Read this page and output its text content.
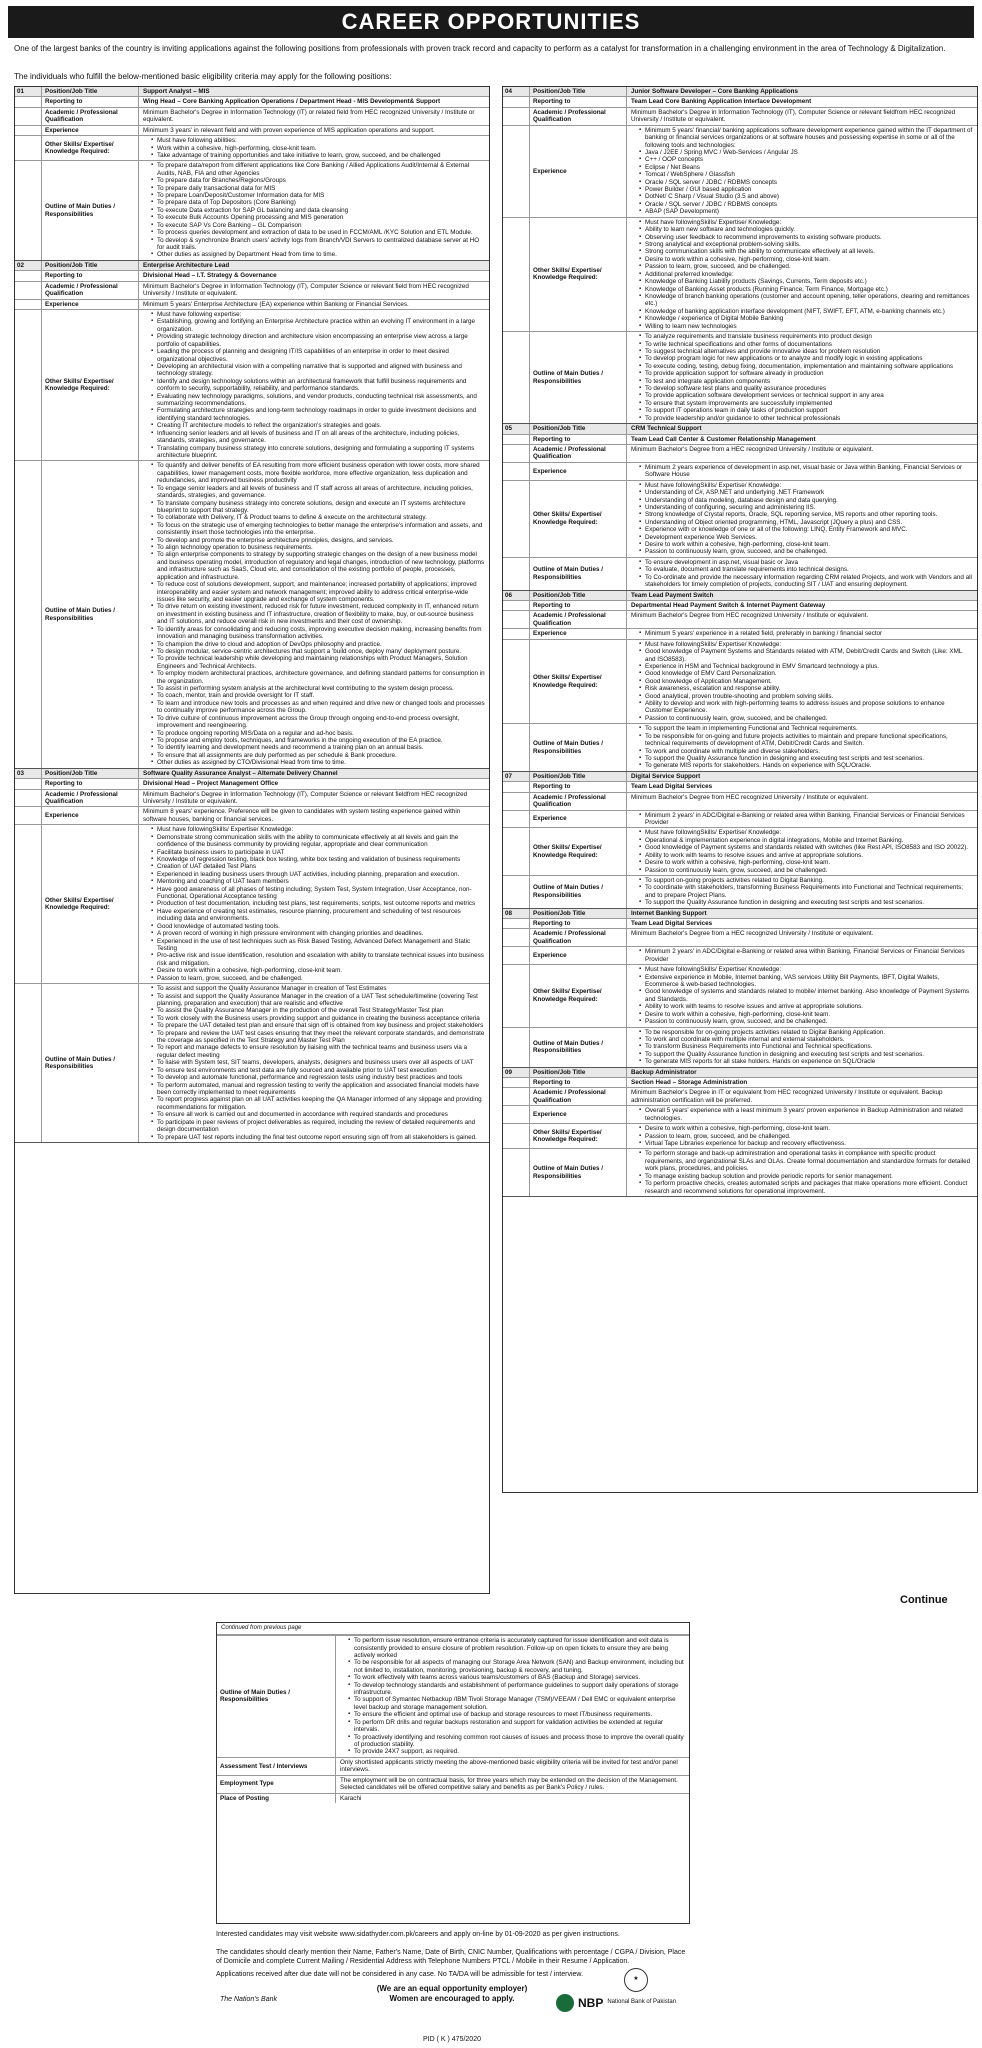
CAREER OPPORTUNITIES
One of the largest banks of the country is inviting applications against the following positions from professionals with proven track record and capacity to perform as a catalyst for transformation in a challenging environment in the area of Technology & Digitalization.
The individuals who fulfill the below-mentioned basic eligibility criteria may apply for the following positions:
01	Position/Job Title	Support Analyst – MIS
Reporting to	Wing Head – Core Banking Application Operations / Department Head - MIS Development& Support
Academic / Professional Qualification
Minimum Bachelor's Degree in Information Technology (IT) or related field from HEC recognized University / Institute or equivalent.
Experience	Minimum 3 years' in relevant field and with proven experience of MIS application operations and support.
Other Skills/ Expertise/ Knowledge Required:
▪ Must have following abilities:
▪ Work within a cohesive, high-performing, close-knit team.
▪ Take advantage of training opportunities and take initiative to learn, grow, succeed, and be challenged
Outline of Main Duties / Responsibilities
▪ To prepare data/report from different applications like Core Banking / Allied Applications Audit/Internal & External Audits, NAB, FIA and other Agencies
▪ To prepare data for Branches/Regions/Groups
▪ To prepare daily transactional data for MIS
▪ To prepare Loan/Deposit/Customer Information data for MIS
▪ To prepare data of Top Depositors (Core Banking)
▪ To execute Data extraction for SAP GL balancing and data cleansing
▪ To execute Bulk Accounts Opening processing and MIS generation
▪ To execute SAP Vs Core Banking – GL Comparison
▪ To process queries development and extraction of data to be used in FCCM/AML /KYC Solution and ETL Module.
▪ To develop & synchronize Branch users' activity logs from Branch/VDI Servers to centralized database server at HO for audit trails.
▪ Other duties as assigned by Department Head from time to time.
02	Position/Job Title	Enterprise Architecture Lead
Reporting to	Divisional Head – I.T. Strategy & Governance
Academic / Professional Qualification
Minimum Bachelor's Degree in Information Technology (IT), Computer Science or relevant field from HEC recognized University / Institute or equivalent.
Experience	Minimum 5 years' Enterprise Architecture (EA) experience within Banking or Financial Services.
Other Skills/ Expertise/ Knowledge Required:
▪ Must have following expertise:
▪ Establishing, growing and fortifying an Enterprise Architecture practice within an evolving IT environment in a large organization.
▪ Providing strategic technology direction and architecture vision encompassing an enterprise view across a large portfolio of capabilities.
▪ Leading the process of planning and designing IT/IS capabilities of an enterprise in order to meet desired organizational objectives.
▪ Developing an architectural vision with a compelling narrative that is supported and aligned with business and technology strategy.
▪ Identify and design technology solutions within an architectural framework that fulfill business requirements and conform to security, supportability, reliability, and performance standards.
▪ Evaluating new technology paradigms, solutions, and vendor products, conducting technical risk assessments, and summarizing recommendations.
▪ Formulating architecture strategies and long-term technology roadmaps in order to guide investment decisions and identifying standard technologies.
▪ Creating IT architecture models to reflect the organization's strategies and goals.
▪ Influencing senior leaders and all levels of business and IT on all areas of the architecture, including policies, standards, strategies, and governance.
▪ Translating company business strategy into concrete solutions, designing and formulating a supporting IT systems architecture blueprint.
Outline of Main Duties / Responsibilities
▪ To quantify and deliver benefits of EA resulting from more efficient business operation with lower costs, more shared capabilities, lower management costs, more flexible workforce, more effective organization, less duplication and redundancies, and improved business productivity
▪ To engage senior leaders and all levels of business and IT staff across all areas of architecture, including policies, standards, strategies, and governance.
▪ To translate company business strategy into concrete solutions, design and execute an IT systems architecture blueprint to support that strategy.
▪ To collaborate with Delivery, IT & Product teams to define & execute on the architectural strategy.
▪ To focus on the strategic use of emerging technologies to better manage the enterprise's information and assets, and consistently insert those technologies into the enterprise.
▪ To develop and promote the enterprise architecture principles, designs, and services.
▪ To align technology operation to business requirements.
▪ To align enterprise components to strategy by supporting strategic changes on the design of a new business model and business operating model, introduction of regulatory and legal changes, introduction of new technology, platforms and infrastructure such as SaaS, Cloud etc. and consolidation of the existing portfolio of people, processes, application and infrastructure.
▪ To reduce cost of solutions development, support, and maintenance; increased portability of applications; improved interoperability and easier system and network management; improved ability to address critical enterprise-wide issues like security, and easier upgrade and exchange of system components.
▪ To drive return on existing investment, reduced risk for future investment, reduced complexity in IT, enhanced return on investment in existing business and IT infrastructure, creation of flexibility to make, buy, or out-source business and IT solutions, and reduce overall risk in new investments and their cost of ownership.
▪ To identify areas for consolidating and reducing costs, improving executive decision making, increasing benefits from innovation and managing business transformation activities.
▪ To champion the drive to cloud and adoption of DevOps philosophy and practice.
▪ To design modular, service-centric architectures that support a 'build once, deploy many' deployment posture.
▪ To provide technical leadership while developing and maintaining relationships with Product Managers, Solution Engineers and Technical Architects.
▪ To employ modern architectural practices, architecture governance, and defining standard patterns for consumption in the organization.
▪ To assist in performing system analysis at the architectural level contributing to the system design process.
▪ To coach, mentor, train and provide oversight for IT staff.
▪ To learn and introduce new tools and processes as and when required and drive new or changed tools and processes to continually improve performance across the Group.
▪ To drive culture of continuous improvement across the Group through ongoing end-to-end process oversight, improvement and reengineering.
▪ To produce ongoing reporting MIS/Data on a regular and ad-hoc basis.
▪ To propose and employ tools, techniques, and frameworks in the ongoing execution of the EA practice.
▪ To identify learning and development needs and recommend a training plan on an annual basis.
▪ To ensure that all assignments are duly performed as per schedule & Bank procedure.
▪ Other duties as assigned by CTO/Divisional Head from time to time.
03	Position/Job Title	Software Quality Assurance Analyst – Alternate Delivery Channel
Reporting to	Divisional Head – Project Management Office
Academic / Professional Qualification
Minimum Bachelor's Degree in Information Technology (IT), Computer Science or relevant fieldfrom HEC recognized University / Institute or equivalent.
Experience
Minimum 8 years' experience. Preference will be given to candidates with system testing experience gained within software houses, banking or financial services.
Other Skills/ Expertise/ Knowledge Required:
▪ Must have followingSkills/ Expertise/ Knowledge:
▪ Demonstrate strong communication skills with the ability to communicate effectively at all levels and gain the confidence of the business community by providing regular, appropriate and clear communication
▪ Facilitate business users to participate in UAT
▪ Knowledge of regression testing, black box testing, white box testing and validation of business requirements
▪ Creation of UAT detailed Test Plans
▪ Experienced in leading business users through UAT activities, including planning, preparation and execution.
▪ Mentoring and coaching of UAT team members
▪ Have good awareness of all phases of testing including; System Test, System Integration, User Acceptance, non-Functional, Operational Acceptance testing
▪ Production of test documentation, including test plans, test requirements, scripts, test outcome reports and metrics
▪ Have experience of creating test estimates, resource planning, procurement and scheduling of test resources including data and environments.
▪ Good knowledge of automated testing tools.
▪ A proven record of working in high pressure environment with changing priorities and deadlines.
▪ Experienced in the use of test techniques such as Risk Based Testing, Advanced Defect Management and Static Testing
▪ Pro-active risk and issue identification, resolution and escalation with ability to translate technical issues into business risk and mitigation.
▪ Desire to work within a cohesive, high-performing, close-knit team.
▪ Passion to learn, grow, succeed, and be challenged.
Outline of Main Duties / Responsibilities
▪ To assist and support the Quality Assurance Manager in creation of Test Estimates
▪ To assist and support the Quality Assurance Manager in the creation of a UAT Test schedule/timeline (covering Test planning, preparation and execution) that are realistic and effective
▪ To assist the Quality Assurance Manager in the production of the overall Test Strategy/Master Test plan
▪ To work closely with the Business users providing support and guidance in creating the business acceptance criteria
▪ To prepare the UAT detailed test plan and ensure that sign off is obtained from key business and project stakeholders
▪ To prepare and review the UAT test cases ensuring that they meet the relevant corporate standards, and demonstrate the coverage as specified in the Test Strategy and Master Test Plan
▪ To report and manage defects to ensure resolution by liaising with the technical teams and business users via a regular defect meeting
▪ To liaise with System test, SIT teams, developers, analysts, designers and business users over all aspects of UAT
▪ To ensure test environments and test data are fully sourced and available prior to UAT test execution
▪ To develop and automate functional, performance and regression tests using industry best practices and tools
▪ To perform automated, manual and regression testing to verify the application and associated financial models have been correctly implemented to meet requirements
▪ To report progress against plan on all UAT activities keeping the QA Manager informed of any slippage and providing recommendations for mitigation.
▪ To ensure all work is carried out and documented in accordance with required standards and procedures
▪ To participate in peer reviews of project deliverables as required, including the review of detailed requirements and design documentation
▪ To prepare UAT test reports including the final test outcome report ensuring sign off from all stakeholders is gained.
04	Position/Job Title	Junior Software Developer – Core Banking Applications
Reporting to	Team Lead Core Banking Application Interface Development
Academic / Professional Qualification
Minimum Bachelor's Degree in Information Technology (IT), Computer Science or relevant fieldfrom HEC recognized University / Institute or equivalent.
Experience
▪ Minimum 5 years' financial/ banking applications software development experience gained within the IT department of banking or financial services organizations or at software houses and possessing expertise in some or all of the following tools and technologies:
▪ Java / J2EE / Spring MVC / Web-Services / Angular JS
▪ C++ / OOP concepts
▪ Eclipse / Net Beans
▪ Tomcat / WebSphere / Glassfish
▪ Oracle / SQL server / JDBC / RDBMS concepts
▪ Power Builder / GUI based application
▪ DotNet/ C Sharp / Visual Studio (3.5 and above)
▪ Oracle / SQL server / JDBC / RDBMS concepts
▪ ABAP (SAP Development)
Other Skills/ Expertise/ Knowledge Required:
▪ Must have followingSkills/ Expertise/ Knowledge:
▪ Ability to learn new software and technologies quickly.
▪ Observing user feedback to recommend improvements to existing software products.
▪ Strong analytical and exceptional problem-solving skills.
▪ Strong communication skills with the ability to communicate effectively at all levels.
▪ Desire to work within a cohesive, high-performing, close-knit team.
▪ Passion to learn, grow, succeed, and be challenged.
▪ Additional preferred knowledge:
▪ Knowledge of Banking Liability products (Savings, Currents, Term deposits etc.)
▪ Knowledge of Banking Asset products (Running Finance, Term Finance, Mortgage etc.)
▪ Knowledge of branch banking operations (customer and account opening, teller operations, clearing and remittances etc.)
▪ Knowledge of banking application interface development (NIFT, SWIFT, EFT, ATM, e-banking channels etc.)
▪ Knowledge / experience of Digital Mobile Banking
▪ Willing to learn new technologies
Outline of Main Duties / Responsibilities
▪ To analyze requirements and translate business requirements into product design
▪ To write technical specifications and other forms of documentations
▪ To suggest technical alternatives and provide innovative ideas for problem resolution
▪ To develop program logic for new applications or to analyze and modify logic in existing applications
▪ To execute coding, testing, debug fixing, documentation, implementation and maintaining software applications
▪ To provide application support for software already in production
▪ To test and integrate application components
▪ To develop software test plans and quality assurance procedures
▪ To provide application software development services or technical support in any area
▪ To ensure that system improvements are successfully implemented
▪ To support IT operations team in daily tasks of production support
▪ To provide leadership and/or guidance to other technical professionals
05	Position/Job Title	CRM Technical Support
Reporting to	Team Lead Call Center & Customer Relationship Management
Academic / Professional Qualification
Minimum Bachelor's Degree from a HEC recognized University / Institute or equivalent.
Experience
▪ Minimum 2 years experience of development in asp.net, visual basic or Java within Banking, Financial Services or Software House
Other Skills/ Expertise/ Knowledge Required:
▪ Must have followingSkills/ Expertise/ Knowledge:
▪ Understanding of C#, ASP.NET and underlying .NET Framework
▪ Understanding of data modeling, database design and data querying.
▪ Understanding of configuring, securing and administering IIS.
▪ Strong knowledge of Crystal reports, Oracle, SQL reporting service, MS reports and other reporting tools.
▪ Understanding of Object oriented programming, HTML, Javascript (JQuery a plus) and CSS.
▪ Experience with or knowledge of one or all of the following: LINQ, Entity Framework and MVC.
▪ Development experience Web Services.
▪ Desire to work within a cohesive, high-performing, close-knit team.
▪ Passion to continuously learn, grow, succeed, and be challenged.
Outline of Main Duties / Responsibilities
▪ To ensure development in asp.net, visual basic or Java
▪ To evaluate, document and translate requirements into technical designs.
▪ To Co-ordinate and provide the necessary information regarding CRM related Projects, and work with Vendors and all stakeholders for timely completion of projects, conducting SIT / UAT and ensuring deployment.
06	Position/Job Title	Team Lead Payment Switch
Reporting to	Departmental Head Payment Switch & Internet Payment Gateway
Academic / Professional Qualification
Minimum Bachelor's Degree from HEC recognized University / Institute or equivalent.
Experience
▪	Minimum 5 years' experience in a related field, preferably in banking / financial sector
Other Skills/ Expertise/ Knowledge Required:
▪ Must have followingSkills/ Expertise/ Knowledge:
▪ Good knowledge of Payment Systems and Standards related with ATM, Debit/Credit Cards and Switch (Like: XML and ISO8583).
▪ Experience in HSM and Technical background in EMV Smartcard technology a plus.
▪ Good knowledge of EMV Card Personalization.
▪ Good knowledge of Application Management.
▪ Risk awareness, escalation and response ability.
▪ Good analytical, proven trouble-shooting and problem solving skills.
▪ Ability to develop and work with high-performing teams to address issues and propose solutions to enhance Customer Experience.
▪ Passion to continuously learn, grow, succeed, and be challenged.
Outline of Main Duties / Responsibilities
▪ To support the team in implementing Functional and Technical requirements.
▪ To be responsible for on-going and future projects activities to maintain and prepare functional specifications, technical requirements of development of ATM, Debit/Credit Cards and Switch.
▪ To work and coordinate with multiple and diverse stakeholders.
▪ To support the Quality Assurance function in designing and executing test scripts and test scenarios.
▪ To generate MIS reports for stakeholders. Hands on experience with SQL/Oracle.
07	Position/Job Title	Digital Service Support
Reporting to	Team Lead Digital Services
Academic / Professional Qualification
Minimum Bachelor's Degree from HEC recognized University / Institute or equivalent.
Experience
▪ Minimum 2 years' in ADC/Digital e-Banking or related area within Banking, Financial Services or Financial Services Provider
Other Skills/ Expertise/ Knowledge Required:
▪ Must have followingSkills/ Expertise/ Knowledge:
▪ Operational & implementation experience in digital integrations, Mobile and Internet Banking.
▪ Good knowledge of Payment systems and standards related with switches (like Rest API, ISO8583 and ISO 20022).
▪ Ability to work with teams to resolve issues and arrive at appropriate solutions.
▪ Desire to work within a cohesive, high-performing, close-knit team.
▪ Passion to continuously learn, grow, succeed, and be challenged.
Outline of Main Duties / Responsibilities
▪ To support on-going projects activities related to Digital Banking.
▪ To coordinate with stakeholders, transforming Business Requirements into Functional and Technical requirements; and to prepare Project Plans.
▪ To support the Quality Assurance function in designing and executing test scripts and test scenarios.
08	Position/Job Title	Internet Banking Support
Reporting to	Team Lead Digital Services
Academic / Professional Qualification
Minimum Bachelor's Degree from a HEC recognized University / Institute or equivalent.
Experience
▪ Minimum 2 years' in ADC/Digital e-Banking or related area within Banking, Financial Services or Financial Services Provider
Other Skills/ Expertise/ Knowledge Required:
▪ Must have followingSkills/ Expertise/ Knowledge:
▪ Extensive experience in Mobile, Internet banking, VAS services Utility Bill Payments, IBFT, Digital Wallets, Ecommerce & web-based technologies.
▪ Good knowledge of systems and standards related to mobile/ internet banking. Also knowledge of Payment Systems and Standards.
▪ Ability to work with teams to resolve issues and arrive at appropriate solutions.
▪ Desire to work within a cohesive, high-performing, close-knit team.
▪ Passion to continuously learn, grow, succeed, and be challenged.
Outline of Main Duties / Responsibilities
▪ To be responsible for on-going projects activities related to Digital Banking Application.
▪ To work and coordinate with multiple internal and external stakeholders.
▪ To transform Business Requirements into Functional and Technical specifications.
▪ To support the Quality Assurance function in designing and executing test scripts and test scenarios.
▪ To generate MIS reports for all stake holders. Hands on experience on SQL/Oracle
09	Position/Job Title	Backup Administrator
Reporting to	Section Head – Storage Administration
Academic / Professional Qualification
Minimum Bachelor's Degree in IT or equivalent from HEC recognized University / Institute or equivalent. Backup administration certification will be preferred.
Experience
▪ Overall 5 years' experience with a least minimum 3 years' proven experience in Backup Administration and related technologies.
Other Skills/ Expertise/ Knowledge Required:
▪ Desire to work within a cohesive, high-performing, close-knit team.
▪ Passion to learn, grow, succeed, and be challenged.
▪ Virtual Tape Libraries experience for backup and recovery effectiveness.
Outline of Main Duties / Responsibilities
▪ To perform storage and back-up administration and operational tasks in compliance with specific product requirements, and organizational SLAs and OLAs. Create formal documentation and standardize formats for detailed work plans, procedures, and policies.
▪ To manage existing backup solution and provide periodic reports for senior management.
▪ To perform proactive checks, creates automated scripts and packages that make operations more efficient. Conduct research and recommend solutions for operational improvement.
Continue
Continued from previous page
Outline of Main Duties / Responsibilities
▪ To perform issue resolution, ensure entrance criteria is accurately captured for issue identification and exit data is consistently provided to ensure closure of problem resolution. Follow-up on open tickets to ensure they are being actively worked
▪ To be responsible for all aspects of managing our Storage Area Network (SAN) and Backup environment, including but not limited to, installation, monitoring, provisioning, backup & recovery, and tuning.
▪ To work effectively with teams across various teams/customers of BAS (Backup and Storage) services.
▪ To develop technology standards and establishment of performance guidelines to support daily operations of storage infrastructure.
▪ To support of Symantec Netbackup /IBM Tivoli Storage Manager (TSM)/VEEAM / Dell EMC or equivalent enterprise level backup and storage management solution.
▪ To ensure the efficient and optimal use of backup and storage resources to meet IT/business requirements.
▪ To perform DR drills and regular backups restoration and support for validation activities be extended at regular intervals.
▪ To proactively identifying and resolving common root causes of issues and process those to improve the overall quality of production stability.
▪ To provide 24X7 support, as required.
Assessment Test / Interviews
Only shortlisted applicants strictly meeting the above-mentioned basic eligibility criteria will be invited for test and/or panel interviews.
Employment Type
The employment will be on contractual basis, for three years which may be extended on the decision of the Management. Selected candidates will be offered competitive salary and benefits as per Bank's Policy / rules.
Place of Posting	Karachi
Interested candidates may visit website www.sidathyder.com.pk/careers and apply on-line by 01-09-2020 as per given instructions.
The candidates should clearly mention their Name, Father's Name, Date of Birth, CNIC Number, Qualifications with percentage / CGPA / Division, Place of Domicile and complete Current Mailing / Residential Address with Telephone Numbers PTCL / Mobile in their Resume / Application.
Applications received after due date will not be considered in any case. No TA/DA will be admissible for test / interview.
(We are an equal opportunity employer)
Women are encouraged to apply.
★
The Nation's Bank	NBP National Bank of Pakistan
PID ( K ) 475/2020
